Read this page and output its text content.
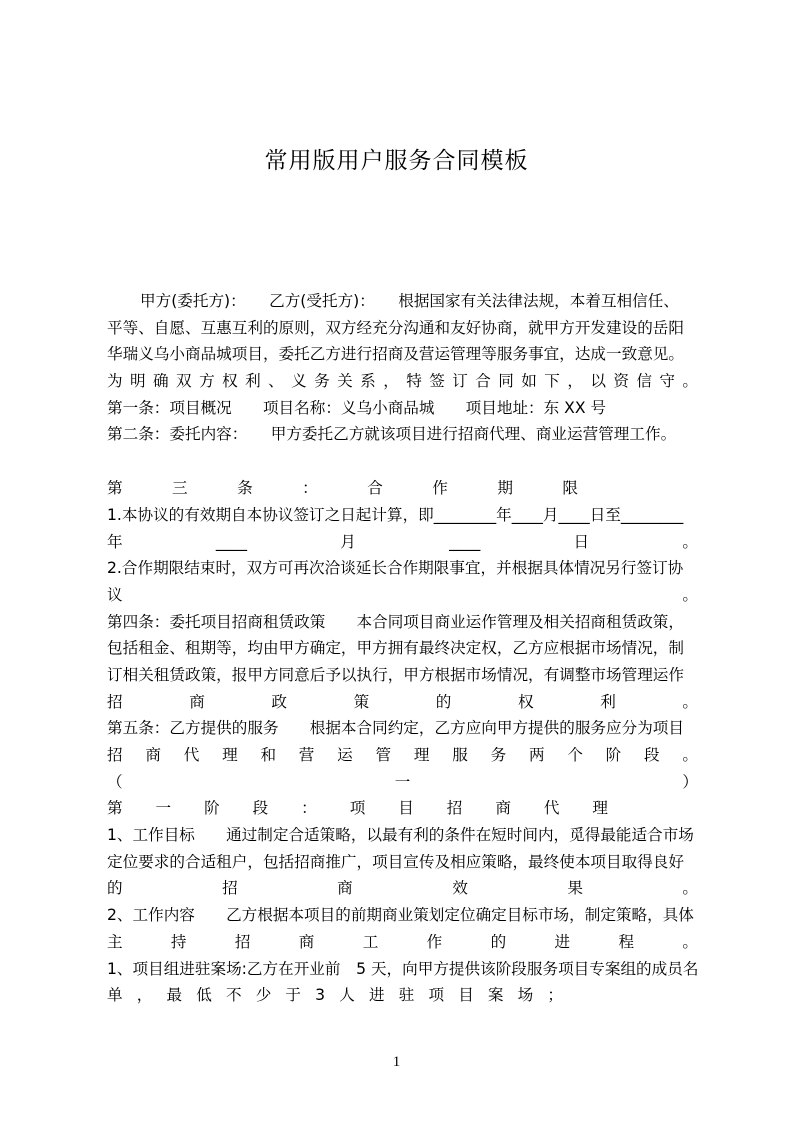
常用版用户服务合同模板
甲方(委托方)：　　乙方(受托方)：　　根据国家有关法律法规，本着互相信任、
平等、自愿、互惠互利的原则，双方经充分沟通和友好协商，就甲方开发建设的岳阳
华瑞义乌小商品城项目，委托乙方进行招商及营运管理等服务事宜，达成一致意见。
为明确双方权利、义务关系，特签订合同如下，以资信守。
第一条：项目概况　　项目名称：义乌小商品城　　项目地址：东 XX 号
第二条：委托内容：　　甲方委托乙方就该项目进行招商代理、商业运营管理工作。
第三条：合作期限
1.本协议的有效期自本协议签订之日起计算，即________年____月____日至________
年____月____日。
2.合作期限结束时，双方可再次洽谈延长合作期限事宜，并根据具体情况另行签订协
议。
第四条：委托项目招商租赁政策　　本合同项目商业运作管理及相关招商租赁政策，
包括租金、租期等，均由甲方确定，甲方拥有最终决定权，乙方应根据市场情况，制
订相关租赁政策，报甲方同意后予以执行，甲方根据市场情况，有调整市场管理运作
招商政策的权利。
第五条：乙方提供的服务　　根据本合同约定，乙方应向甲方提供的服务应分为项目
招商代理和营运管理服务两个阶段。
（一）
第一阶段：项目招商代理
1、工作目标　　通过制定合适策略，以最有利的条件在短时间内，觅得最能适合市场
定位要求的合适租户，包括招商推广，项目宣传及相应策略，最终使本项目取得良好
的招商效果。
2、工作内容　　乙方根据本项目的前期商业策划定位确定目标市场，制定策略，具体
主持招商工作的进程。
1、项目组进驻案场:乙方在开业前　5 天，向甲方提供该阶段服务项目专案组的成员名
单，最低不少于3人进驻项目案场；
1
